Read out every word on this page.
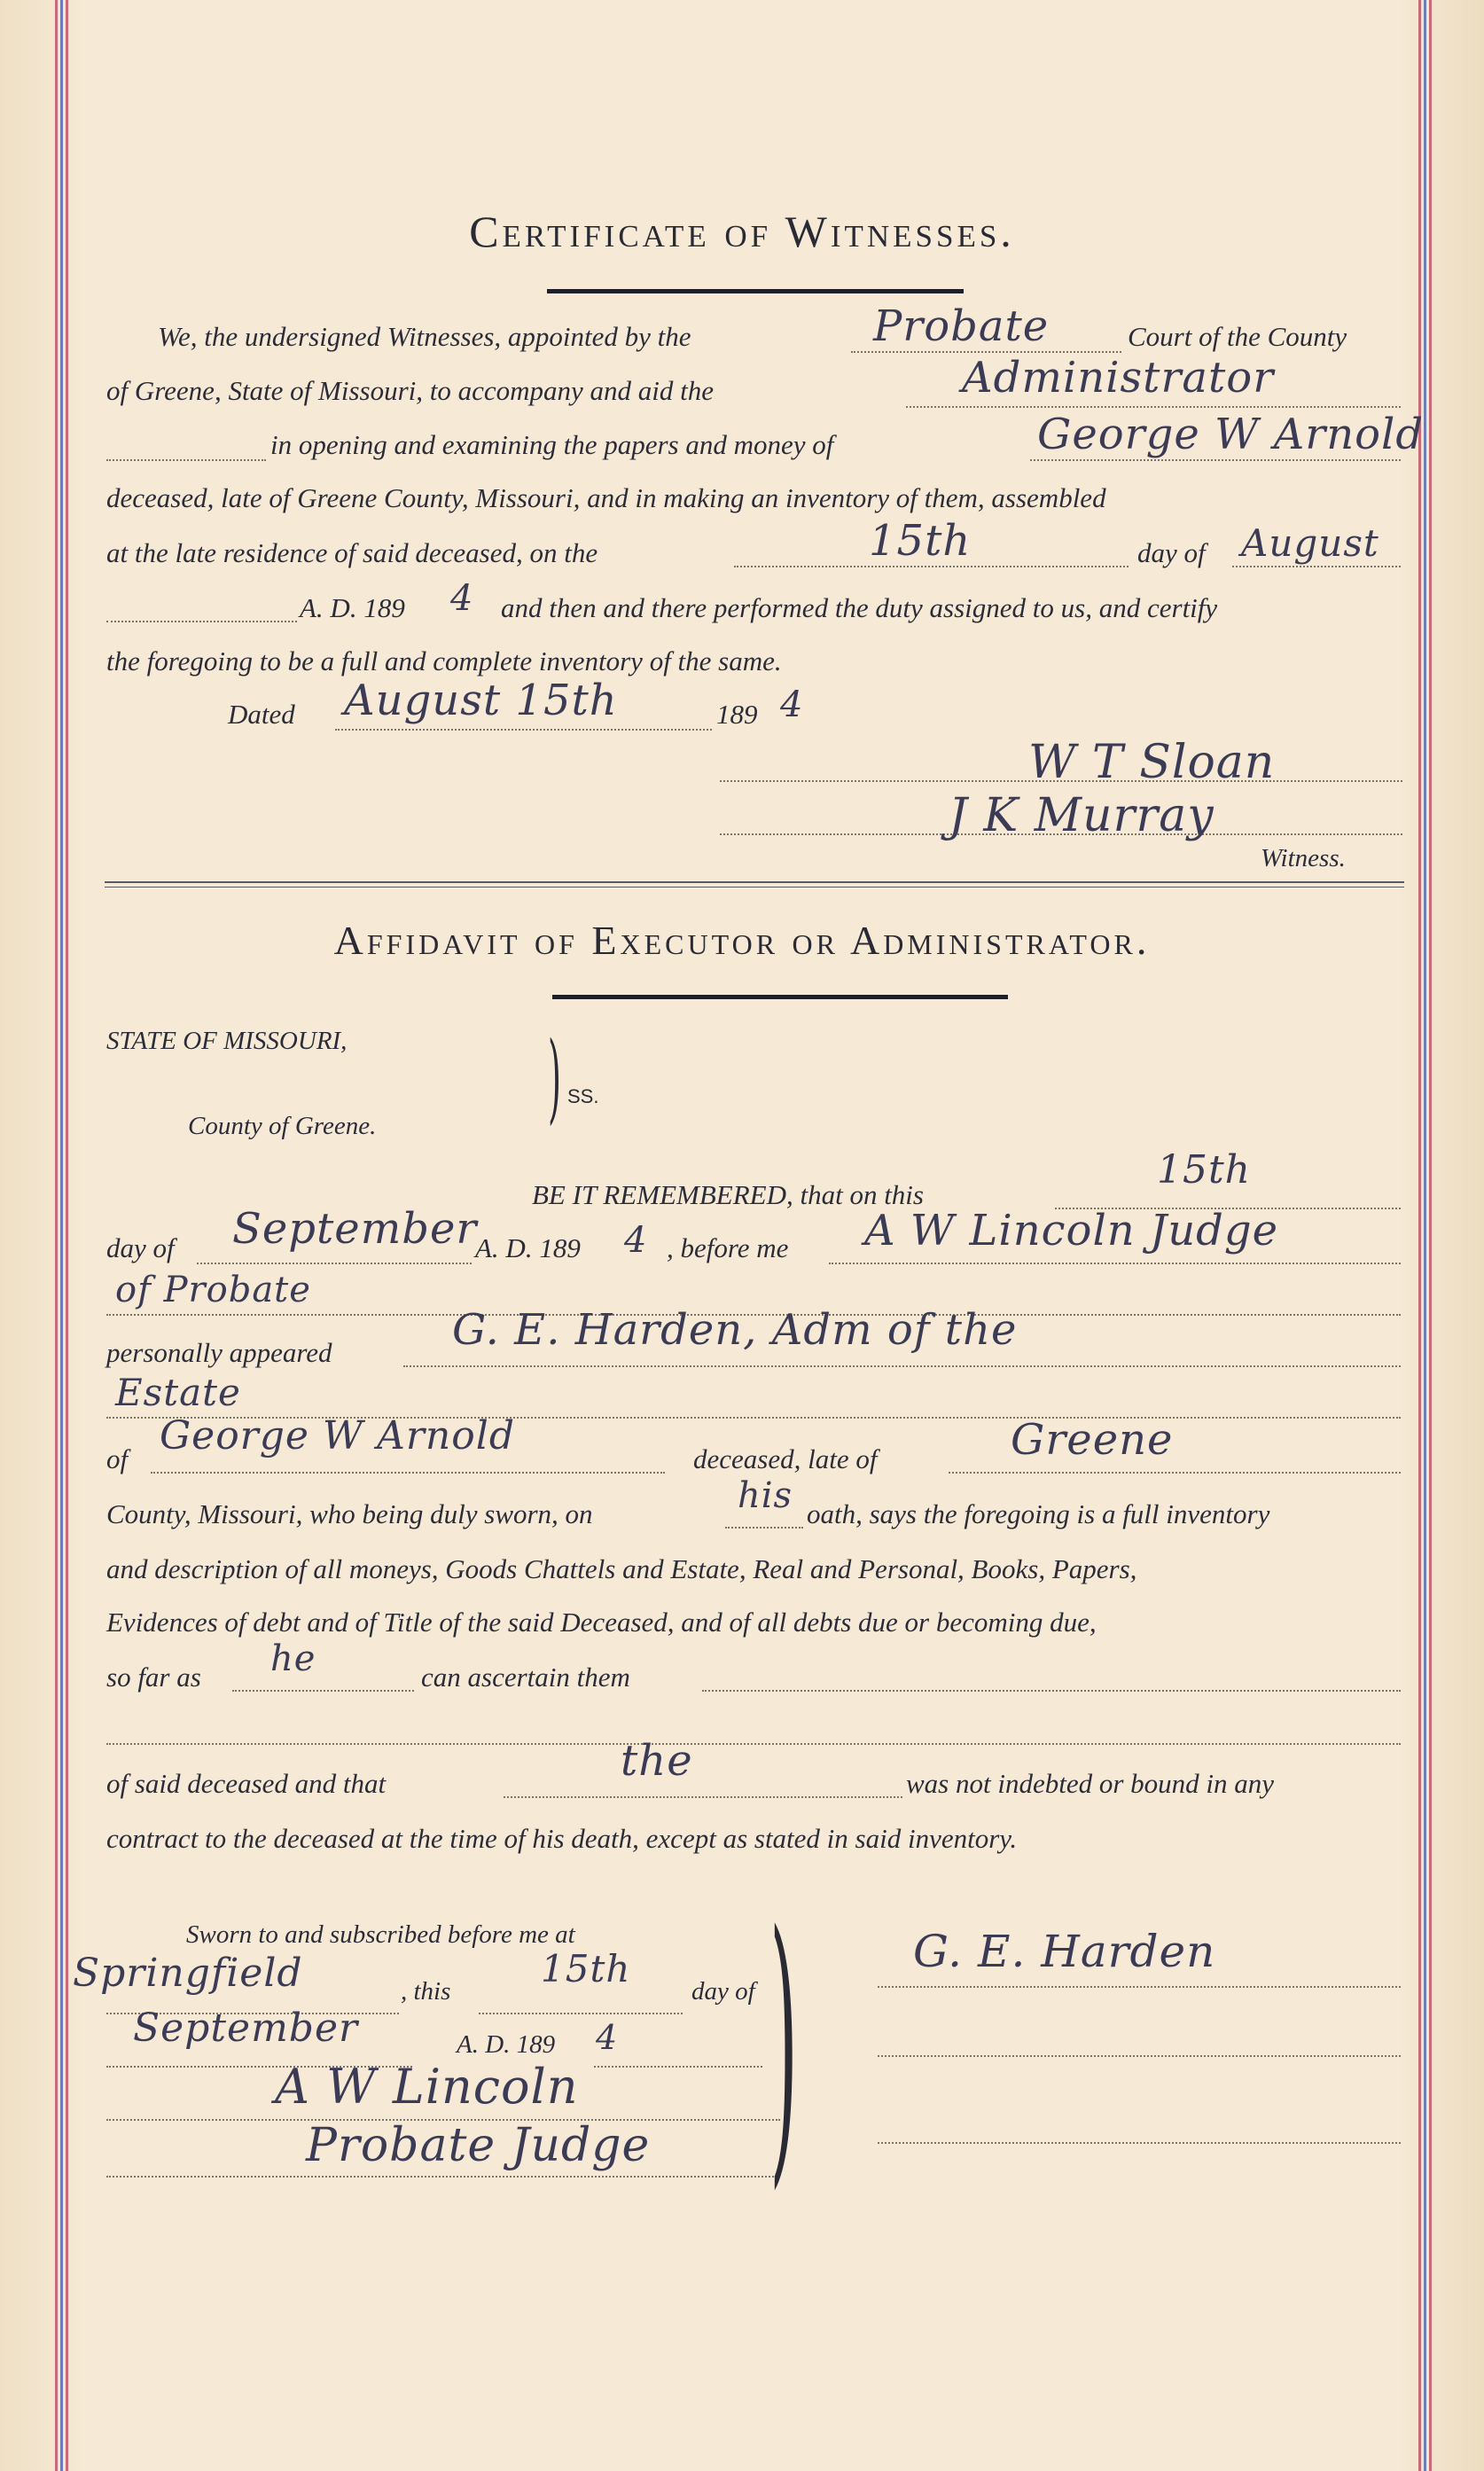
Certificate of Witnesses.
We, the undersigned Witnesses, appointed by the	Probate	Court of the County
of Greene, State of Missouri, to accompany and aid the	Administrator
in opening and examining the papers and money of	George W Arnold
deceased, late of Greene County, Missouri, and in making an inventory of them, assembled
at the late residence of said deceased, on the	15th	day of August
A. D. 189 4 and then and there performed the duty assigned to us, and certify
the foregoing to be a full and complete inventory of the same.
Dated August 15th	189 4
W T Sloan
J K Murray
Witness.
Affidavit of Executor or Administrator.
STATE OF MISSOURI,
County of Greene. ) SS.
BE IT REMEMBERED, that on this
15th
day of September
A. D. 189 4 , before me A W Lincoln Judge
of Probate
personally appeared	G. E. Harden, Adm of the
Estate
of
George W Arnold
deceased, late of	Greene
County, Missouri, who being duly sworn, on	his oath, says the foregoing is a full inventory
and description of all moneys, Goods Chattels and Estate, Real and Personal, Books, Papers,
Evidences of debt and of Title of the said Deceased, and of all debts due or becoming due,
so far as he	can ascertain them
of said deceased and that	the	was not indebted or bound in any
contract to the deceased at the time of his death, except as stated in said inventory.
Sworn to and subscribed before me at
Springfield	, this
15th
day of
September	A. D. 189 4
A W Lincoln
Probate Judge )	G. E. Harden
